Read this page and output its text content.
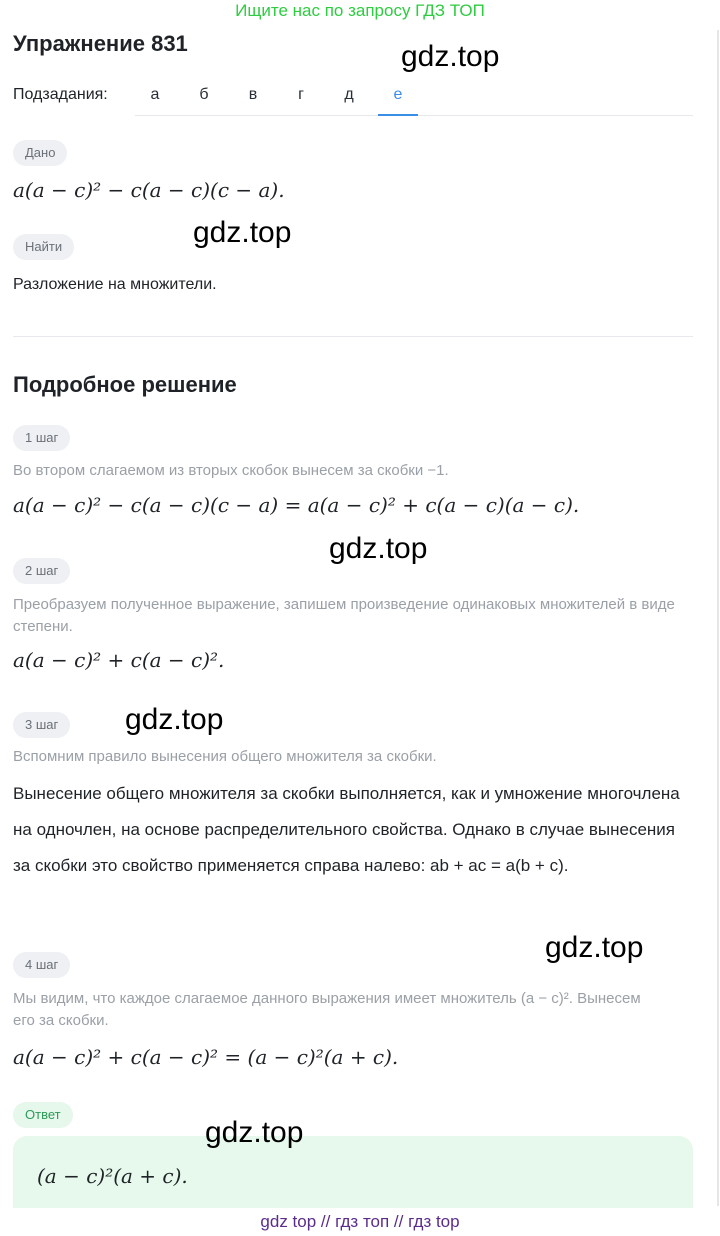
Ищите нас по запросу ГДЗ ТОП
Упражнение 831
Подзадания:	а	б	в	г	д	е
Дано
a(a − c)² − c(a − c)(c − a).
Найти
Разложение на множители.
Подробное решение
1 шаг
Во втором слагаемом из вторых скобок вынесем за скобки −1.
a(a − c)² − c(a − c)(c − a) = a(a − c)² + c(a − c)(a − c).
2 шаг
Преобразуем полученное выражение, запишем произведение одинаковых множителей в виде степени.
a(a − c)² + c(a − c)².
3 шаг
Вспомним правило вынесения общего множителя за скобки.
Вынесение общего множителя за скобки выполняется, как и умножение многочлена на одночлен, на основе распределительного свойства. Однако в случае вынесения за скобки это свойство применяется справа налево: ab + ac = a(b + c).
4 шаг
Мы видим, что каждое слагаемое данного выражения имеет множитель (a − c)². Вынесем его за скобки.
a(a − c)² + c(a − c)² = (a − c)²(a + c).
Ответ
(a − c)²(a + c).
gdz.top
gdz.top
gdz.top
gdz.top
gdz.top
gdz.top
gdz top // гдз топ // гдз top
